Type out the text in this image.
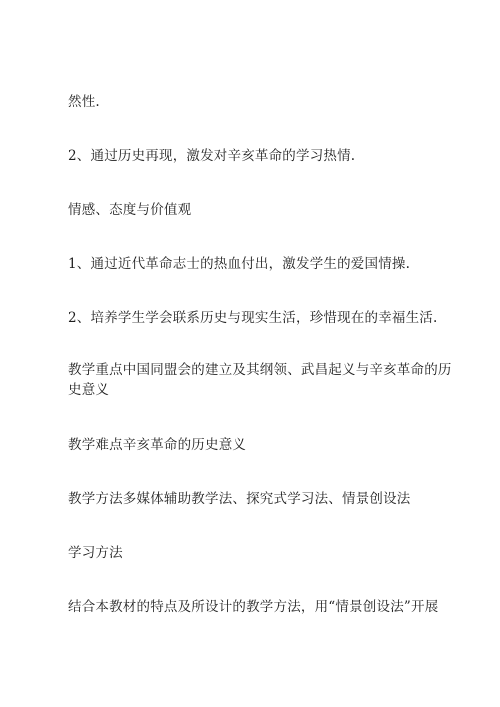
然性.
2、通过历史再现，激发对辛亥革命的学习热情.
情感、态度与价值观
1、通过近代革命志士的热血付出，激发学生的爱国情操.
2、培养学生学会联系历史与现实生活，珍惜现在的幸福生活.
教学重点中国同盟会的建立及其纲领、武昌起义与辛亥革命的历
史意义
教学难点辛亥革命的历史意义
教学方法多媒体辅助教学法、探究式学习法、情景创设法
学习方法
结合本教材的特点及所设计的教学方法，用“情景创设法”开展
